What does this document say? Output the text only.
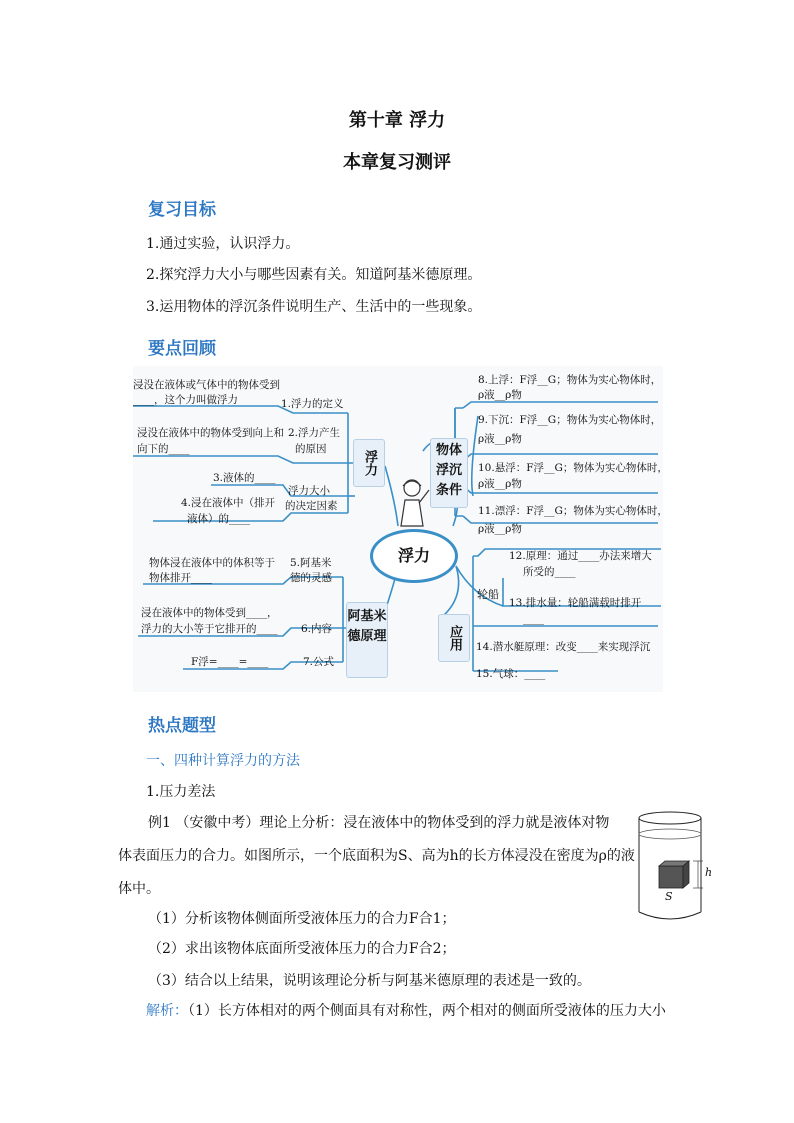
第十章 浮力
本章复习测评
复习目标
1.通过实验，认识浮力。
2.探究浮力大小与哪些因素有关。知道阿基米德原理。
3.运用物体的浮沉条件说明生产、生活中的一些现象。
要点回顾
浮力
浮力
阿基米德原理
物体浮沉条件
应用
轮船
浸没在液体或气体中的物体受到
____，这个力叫做浮力	1.浮力的定义
浸没在液体中的物体受到向上和
向下的____
2.浮力产生
的原因
3.液体的____
浮力大小
的决定因素
4.浸在液体中（排开
液体）的____
物体浸在液体中的体积等于
物体排开____
5.阿基米
德的灵感
浸在液体中的物体受到____，
浮力的大小等于它排开的____ 6.内容
F浮=____=____	7.公式
8.上浮：F浮__G；物体为实心物体时，
ρ液__ρ物
9.下沉：F浮__G；物体为实心物体时，
ρ液__ρ物
10.悬浮：F浮__G；物体为实心物体时，
ρ液__ρ物
11.漂浮：F浮__G；物体为实心物体时，
ρ液__ρ物
12.原理：通过____办法来增大
所受的____
13.排水量：轮船满载时排开
____
14.潜水艇原理：改变____来实现浮沉
15.气球：____
热点题型
一、四种计算浮力的方法
1.压力差法
例1 （安徽中考）理论上分析：浸在液体中的物体受到的浮力就是液体对物
体表面压力的合力。如图所示，一个底面积为S、高为h的长方体浸没在密度为ρ的液
体中。
（1）分析该物体侧面所受液体压力的合力F合1；
（2）求出该物体底面所受液体压力的合力F合2；
（3）结合以上结果，说明该理论分析与阿基米德原理的表述是一致的。
解析：（1）长方体相对的两个侧面具有对称性，两个相对的侧面所受液体的压力大小
h
S
